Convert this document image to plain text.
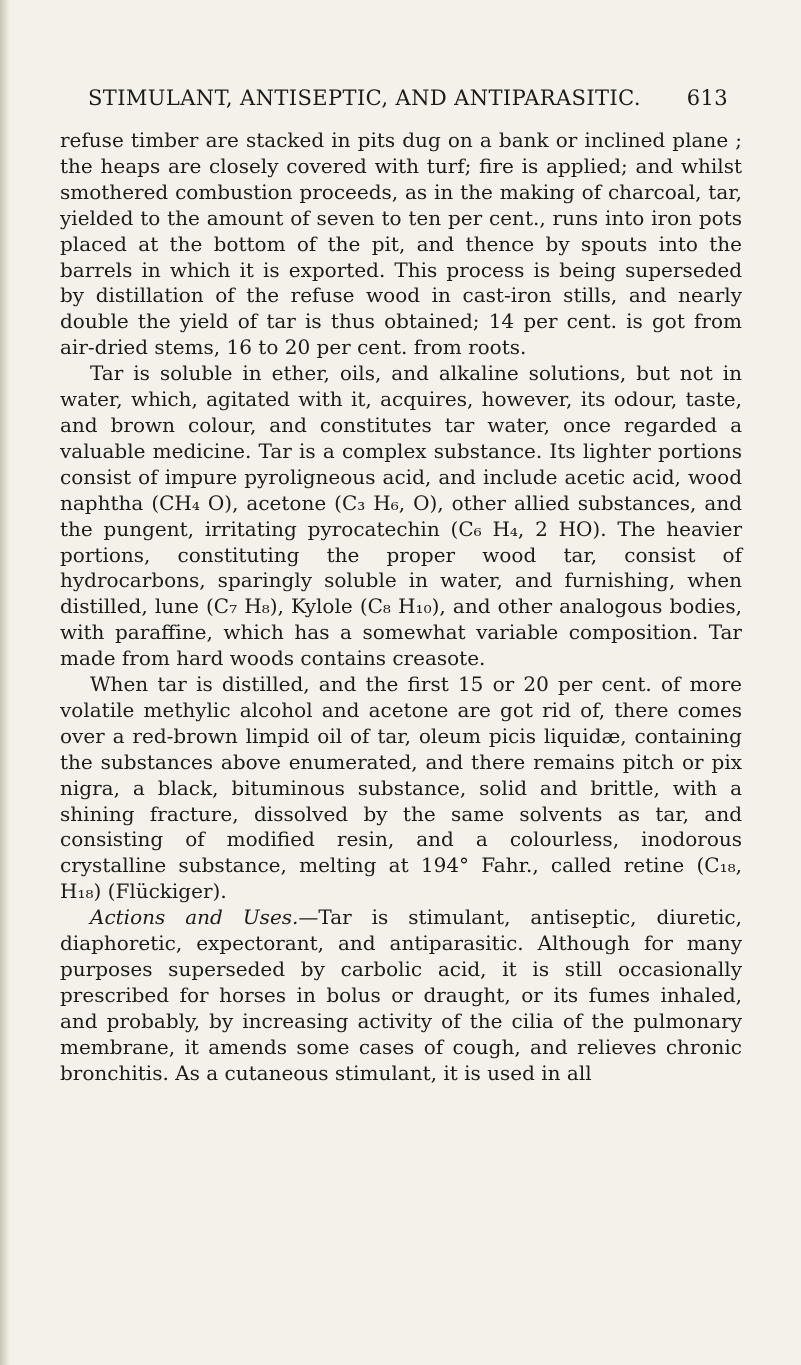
STIMULANT, ANTISEPTIC, AND ANTIPARASITIC. 613

refuse timber are stacked in pits dug on a bank or inclined plane ; the heaps are closely covered with turf; fire is applied; and whilst smothered combustion proceeds, as in the making of charcoal, tar, yielded to the amount of seven to ten per cent., runs into iron pots placed at the bottom of the pit, and thence by spouts into the barrels in which it is exported. This process is being superseded by distillation of the refuse wood in cast-iron stills, and nearly double the yield of tar is thus obtained; 14 per cent. is got from air-dried stems, 16 to 20 per cent. from roots.

Tar is soluble in ether, oils, and alkaline solutions, but not in water, which, agitated with it, acquires, however, its odour, taste, and brown colour, and constitutes tar water, once regarded a valuable medicine. Tar is a complex substance. Its lighter portions consist of impure pyroligneous acid, and include acetic acid, wood naphtha (CH₄ O), acetone (C₃ H₆, O), other allied substances, and the pungent, irritating pyrocatechin (C₆ H₄, 2 HO). The heavier portions, constituting the proper wood tar, consist of hydrocarbons, sparingly soluble in water, and furnishing, when distilled, lune (C₇ H₈), Kylole (C₈ H₁₀), and other analogous bodies, with paraffine, which has a somewhat variable composition. Tar made from hard woods contains creasote.

When tar is distilled, and the first 15 or 20 per cent. of more volatile methylic alcohol and acetone are got rid of, there comes over a red-brown limpid oil of tar, oleum picis liquidæ, containing the substances above enumerated, and there remains pitch or pix nigra, a black, bituminous substance, solid and brittle, with a shining fracture, dissolved by the same solvents as tar, and consisting of modified resin, and a colourless, inodorous crystalline substance, melting at 194° Fahr., called retine (C₁₈, H₁₈) (Flückiger).

Actions and Uses.—Tar is stimulant, antiseptic, diuretic, diaphoretic, expectorant, and antiparasitic. Although for many purposes superseded by carbolic acid, it is still occasionally prescribed for horses in bolus or draught, or its fumes inhaled, and probably, by increasing activity of the cilia of the pulmonary membrane, it amends some cases of cough, and relieves chronic bronchitis. As a cutaneous stimulant, it is used in all
